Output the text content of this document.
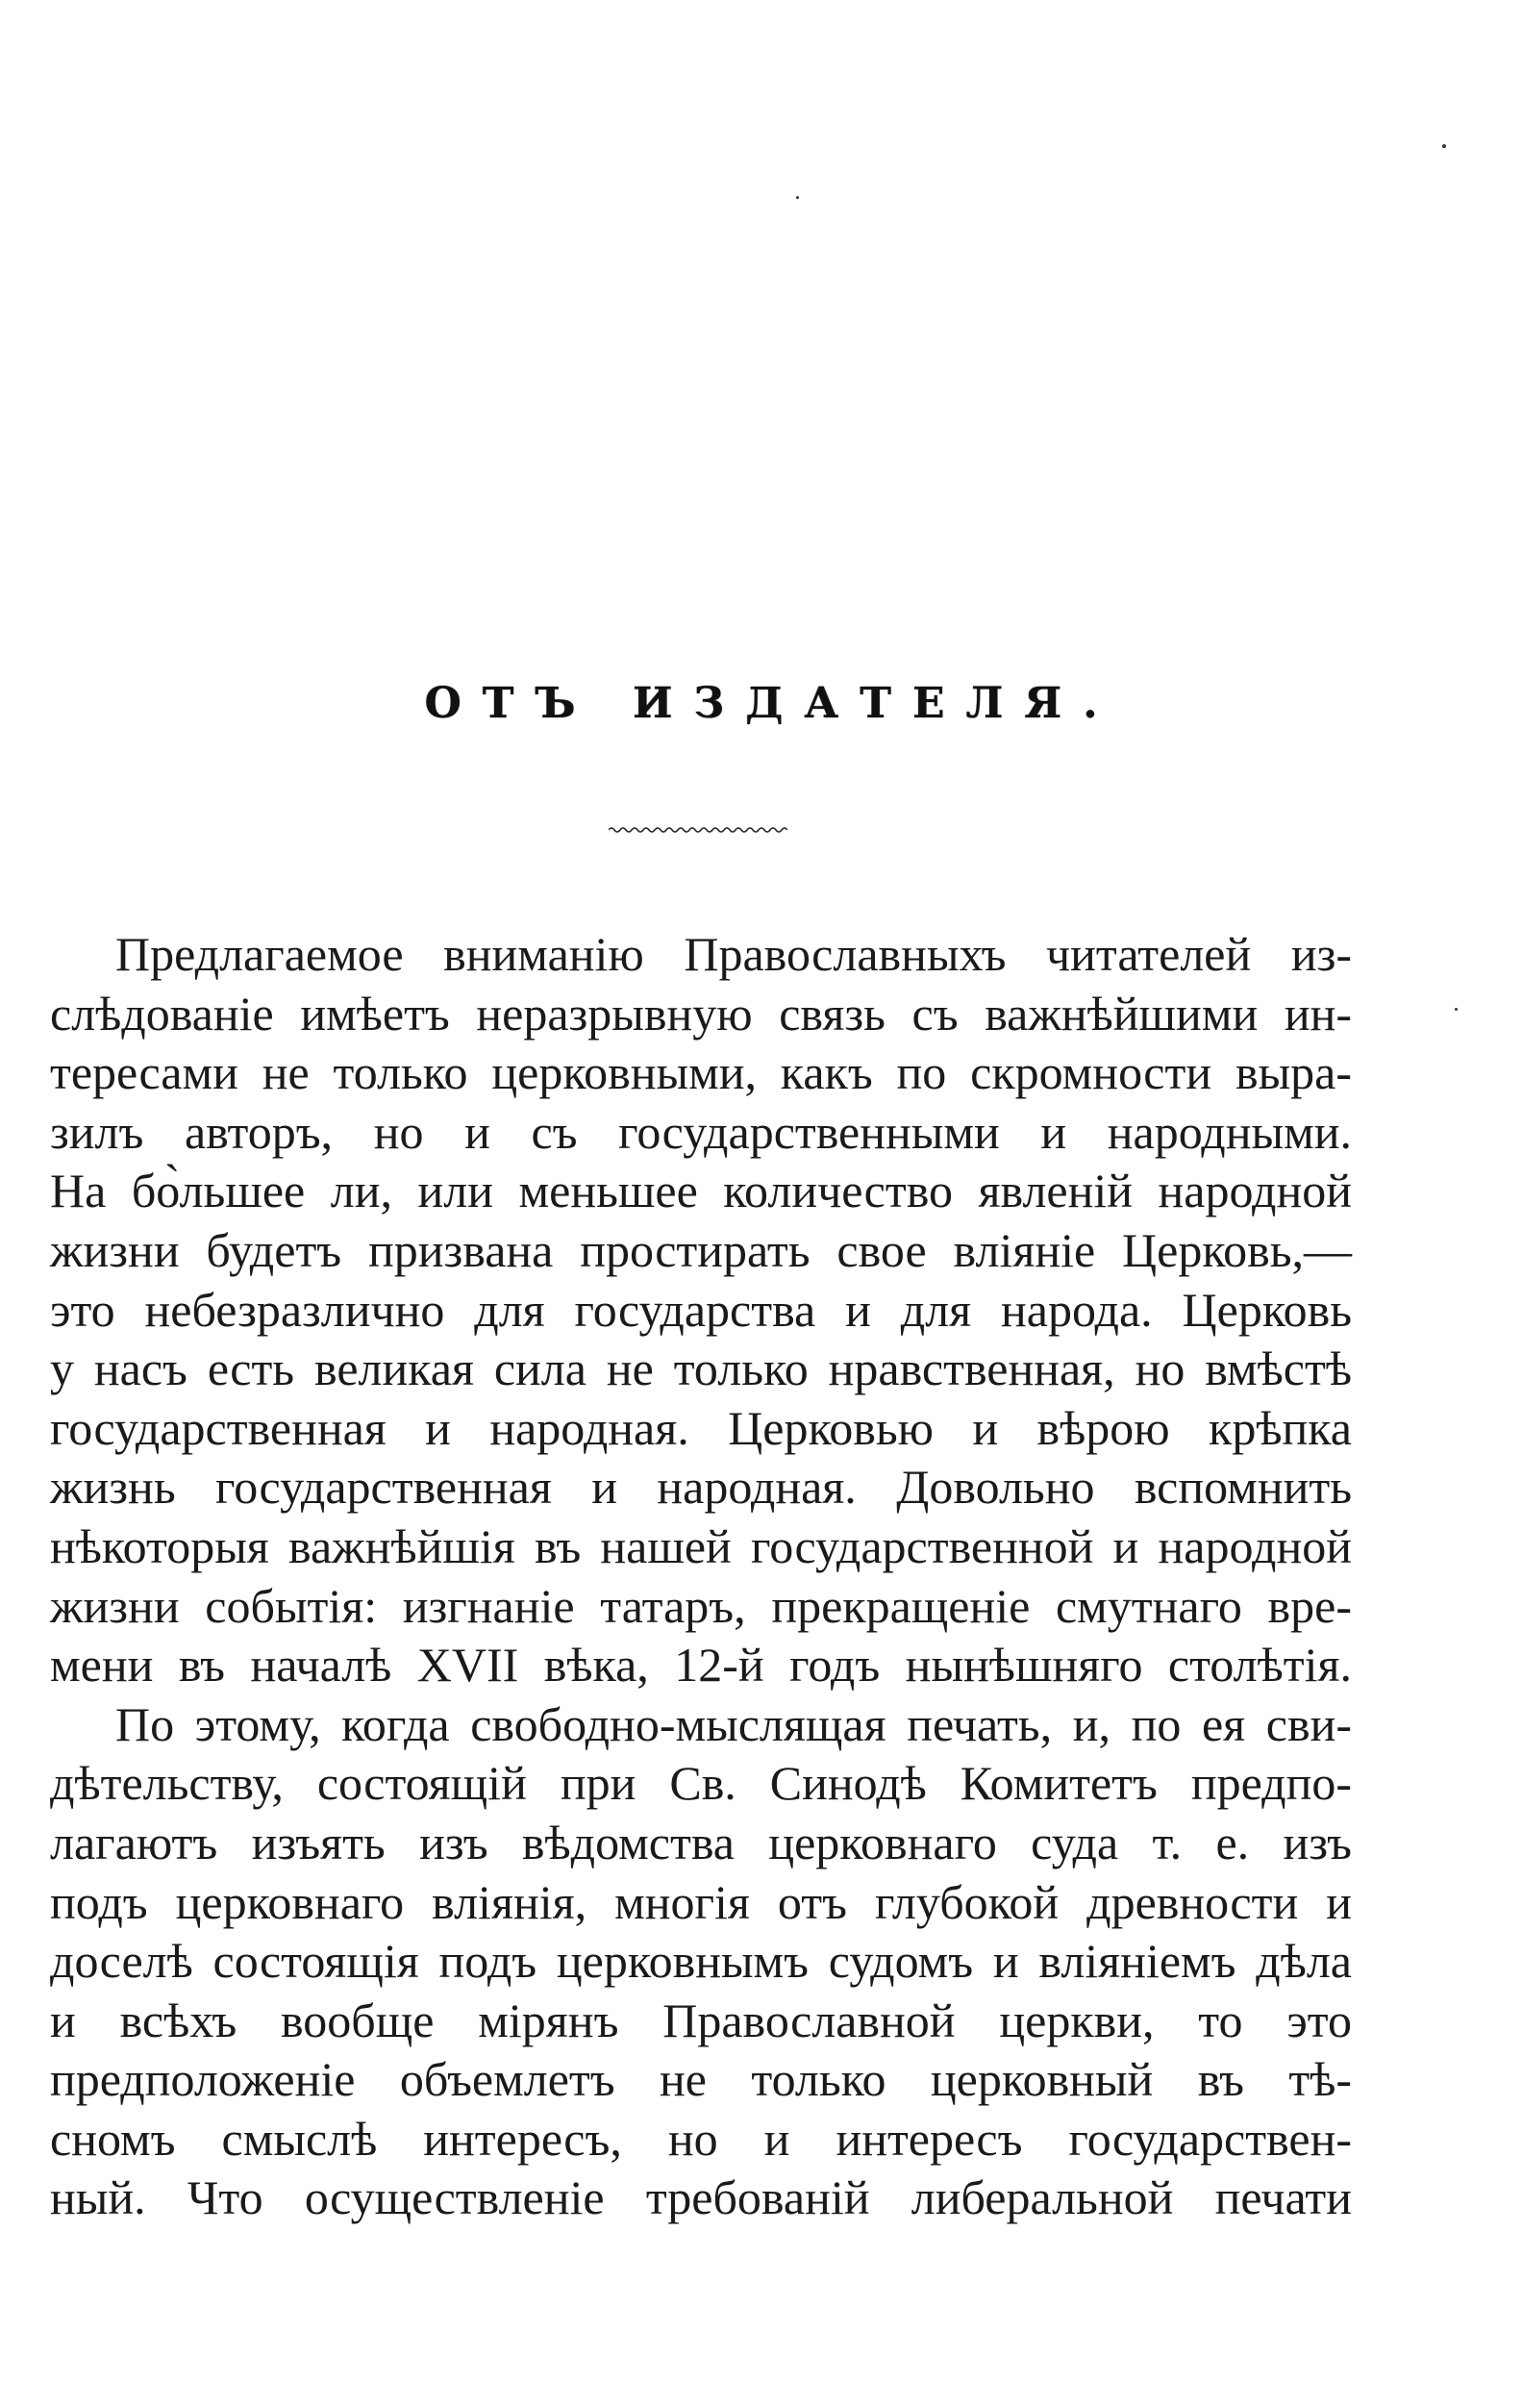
ОТЪ ИЗДАТЕЛЯ.
Предлагаемое вниманію Православныхъ читателей из-
слѣдованіе имѣетъ неразрывную связь съ важнѣйшими ин-
тересами не только церковными, какъ по скромности выра-
зилъ авторъ, но и съ государственными и народными.
На бо̀льшее ли, или меньшее количество явленій народной
жизни будетъ призвана простирать свое вліяніе Церковь,—
это небезразлично для государства и для народа. Церковь
у насъ есть великая сила не только нравственная, но вмѣстѣ
государственная и народная. Церковью и вѣрою крѣпка
жизнь государственная и народная. Довольно вспомнить
нѣкоторыя важнѣйшія въ нашей государственной и народной
жизни событія: изгнаніе татаръ, прекращеніе смутнаго вре-
мени въ началѣ XVII вѣка, 12-й годъ нынѣшняго столѣтія.
По этому, когда свободно-мыслящая печать, и, по ея сви-
дѣтельству, состоящій при Св. Синодѣ Комитетъ предпо-
лагаютъ изъять изъ вѣдомства церковнаго суда т. е. изъ
подъ церковнаго вліянія, многія отъ глубокой древности и
доселѣ состоящія подъ церковнымъ судомъ и вліяніемъ дѣла
и всѣхъ вообще мірянъ Православной церкви, то это
предположеніе объемлетъ не только церковный въ тѣ-
сномъ смыслѣ интересъ, но и интересъ государствен-
ный. Что осуществленіе требованій либеральной печати
